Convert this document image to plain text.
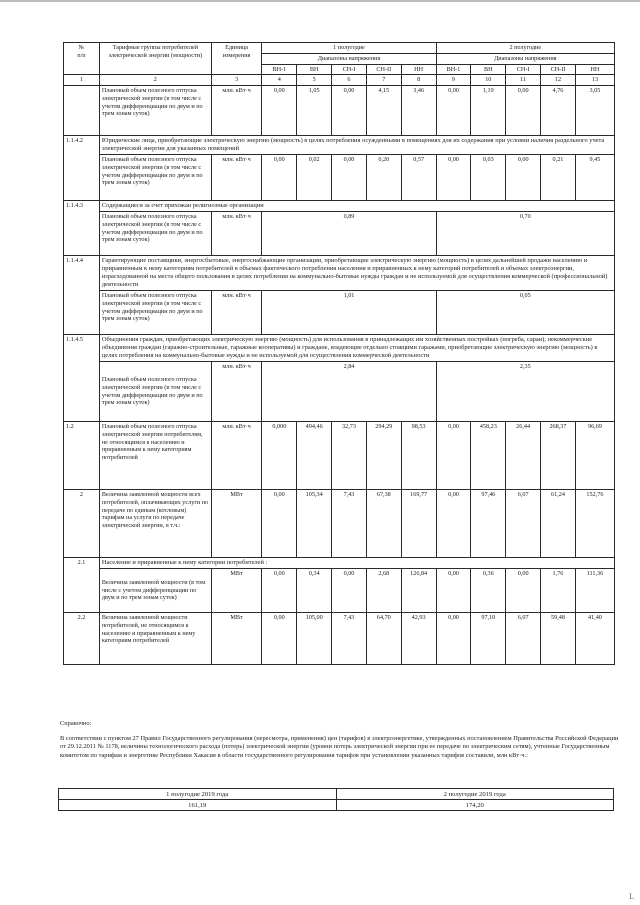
№
п/п	Тарифные группы потребителей электрической энергии (мощности)	Единица измерения	1 полугодие					2 полугодие				
			Диапазоны напряжения					Диапазоны напряжения				
			ВН-1	ВН	СН-I	СН-II	НН	ВН-1	ВН	СН-I	СН-II	НН
1	2	3	4	5	6	7	8	9	10	11	12	13
	Плановый объем полезного отпуска электрической энергии (в том числе с учетом дифференциации по двум и по трем зонам суток)	млн. кВт·ч	0,00	1,05	0,00	4,15	3,46	0,00	1,19	0,00	4,76	3,05
1.1.4.2	Юридические лица, приобретающие электрическую энергию (мощность) в целях потребления осужденными в помещениях для их содержания при условии наличия раздельного учета электрической энергии для указанных помещений											
	Плановый объем полезного отпуска электрической энергии (в том числе с учетом дифференциации по двум и по трем зонам суток)	млн. кВт·ч	0,00	0,02	0,00	0,20	0,57	0,00	0,03	0,00	0,21	9,45
1.1.4.3	Содержащиеся за счет прихожан религиозные организации											
	Плановый объем полезного отпуска электрической энергии (в том числе с учетом дифференциации по двум и по трем зонам суток)	млн. кВт·ч	0,89					0,70				
1.1.4.4	Гарантирующие поставщики, энергосбытовые, энергоснабжающие организации, приобретающие электрическую энергию (мощность) в целях дальнейшей продажи населению и приравненным к нему категориям потребителей в объемах фактического потребления населения и приравненных к нему категорий потребителей и объемах электроэнергии, израсходованной на места общего пользования в целях потребления на коммунально-бытовые нужды граждан и не используемой для осуществления коммерческой (профессиональной) деятельности											
	Плановый объем полезного отпуска электрической энергии (в том числе с учетом дифференциации по двум и по трем зонам суток)	млн. кВт·ч	1,01					0,05				
1.1.4.5	Объединения граждан, приобретающих электрическую энергию (мощность) для использования в принадлежащих им хозяйственных постройках (погреба, сараи); некоммерческие объединения граждан (гаражно-строительные, гаражные кооперативы) и граждане, владеющие отдельно стоящими гаражами, приобретающие электрическую энергию (мощность) в целях потребления на коммунально-бытовые нужды и не используемой для осуществления коммерческой деятельности											
	Плановый объем полезного отпуска электрической энергии (в том числе с учетом дифференциации по двум и по трем зонам суток)	млн. кВт·ч	2,84					2,35				
1.2	Плановый объем полезного отпуска электрической энергии потребителям, не относящимся к населению и приравненным к нему категориям потребителей	млн. кВт·ч	0,000	494,46	32,73	294,29	98,53	0,00	458,23	26,44	268,37	96,69
2	Величина заявленной мощности всех потребителей, оплачивающих услуги по передаче по единым (котловым) тарифам на услуги по передаче электрической энергии, в т.ч.:	МВт	0,00	105,34	7,43	67,38	169,77	0,00	97,46	6,07	61,24	152,76
2.1	Население и приравненные к нему категории потребителей :											
	Величина заявленной мощности (в том числе с учетом дифференциации по двум и по трем зонам суток)	МВт	0,00	0,34	0,00	2,68	126,84	0,00	0,36	0,00	1,76	111,36
2.2	Величина заявленной мощности потребителей, не относящимся к населению и приравненным к нему категориям потребителей	МВт	0,00	105,00	7,43	64,70	42,93	0,00	97,10	6,07	59,48	41,40
Справочно:
В соответствии с пунктом 27 Правил Государственного регулирования (пересмотра, применения) цен (тарифов) в электроэнергетике, утвержденных постановлением Правительства Российской Федерации от 29.12.2011 № 1178, величины технологического расхода (потерь) электрической энергии (уровни потерь электрической энергии при ее передаче по электрическим сетям), учтенные Государственным комитетом по тарифам и энергетике Республики Хакасия в области государственного регулирования тарифов при установлении указанных тарифов составили, млн кВт·ч.:
1 полугодие 2019 года	2 полугодие 2019 года
161,19	174,20
L
